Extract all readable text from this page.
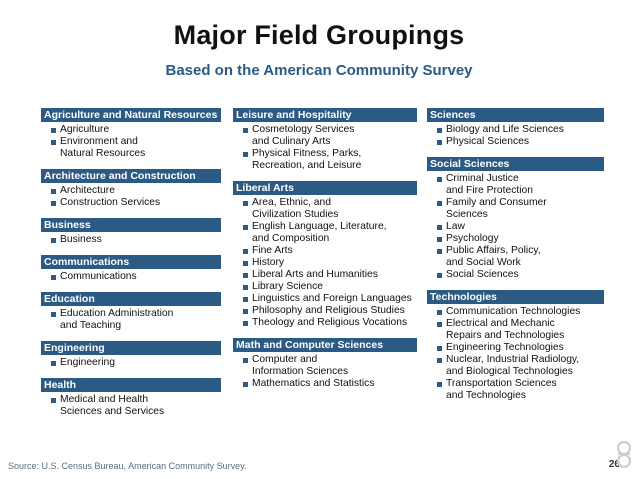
Major Field Groupings
Based on the American Community Survey
Agriculture and Natural Resources
Agriculture
Environment and
Natural Resources
Architecture and Construction
Architecture
Construction Services
Business
Business
Communications
Communications
Education
Education Administration
and Teaching
Engineering
Engineering
Health
Medical and Health
Sciences and Services
Leisure and Hospitality
Cosmetology Services
and Culinary Arts
Physical Fitness, Parks,
Recreation, and Leisure
Liberal Arts
Area, Ethnic, and
Civilization Studies
English Language, Literature,
and Composition
Fine Arts
History
Liberal Arts and Humanities
Library Science
Linguistics and Foreign Languages
Philosophy and Religious Studies
Theology and Religious Vocations
Math and Computer Sciences
Computer and
Information Sciences
Mathematics and Statistics
Sciences
Biology and Life Sciences
Physical Sciences
Social Sciences
Criminal Justice
and Fire Protection
Family and Consumer
Sciences
Law
Psychology
Public Affairs, Policy,
and Social Work
Social Sciences
Technologies
Communication Technologies
Electrical and Mechanic
Repairs and Technologies
Engineering Technologies
Nuclear, Industrial Radiology,
and Biological Technologies
Transportation Sciences
and Technologies
Source: U.S. Census Bureau, American Community Survey.	26
